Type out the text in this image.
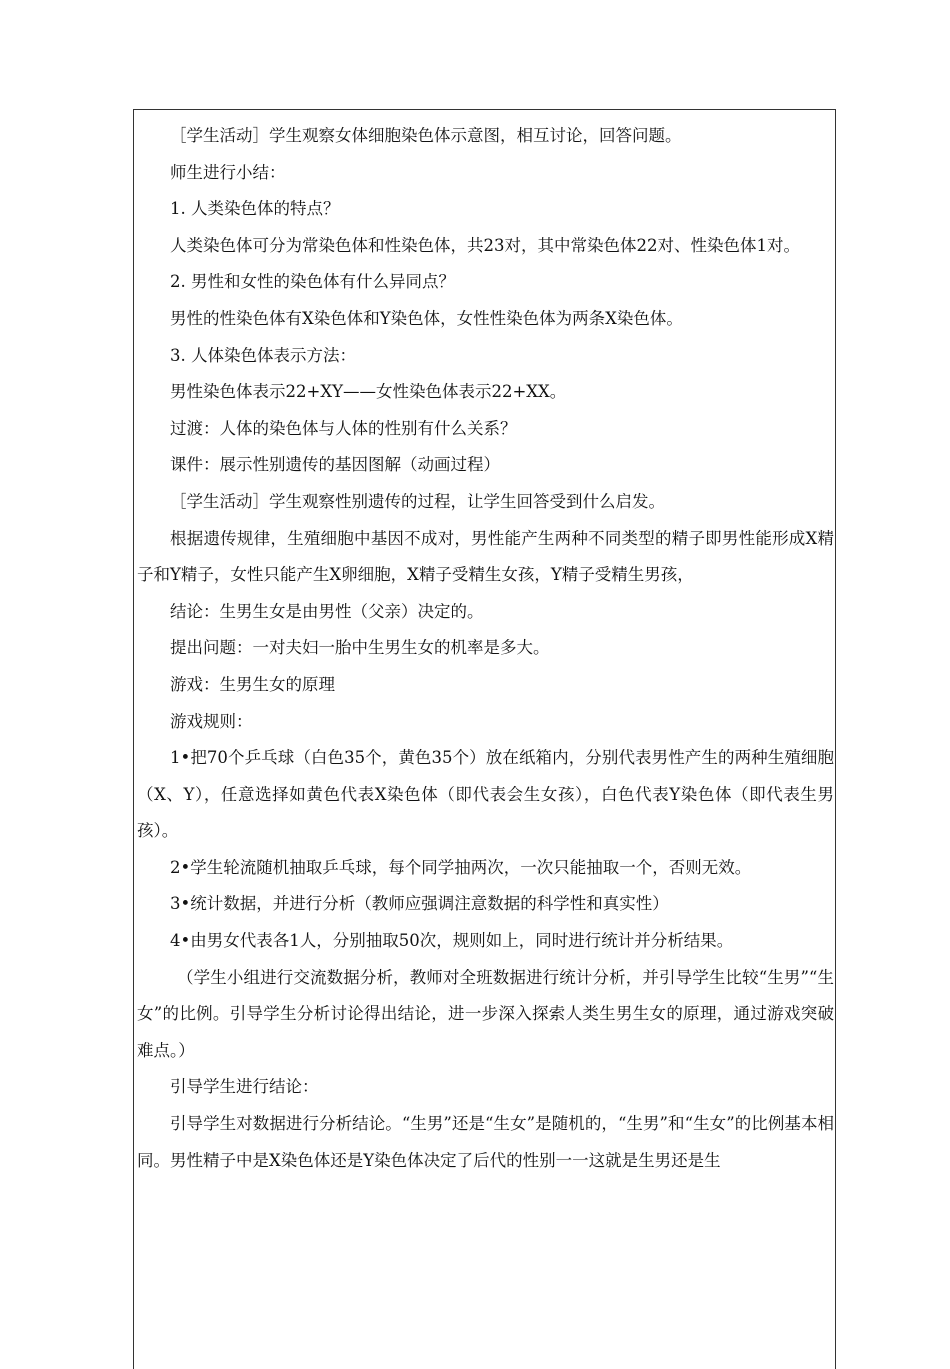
［学生活动］学生观察女体细胞染色体示意图，相互讨论，回答问题。

师生进行小结：

1. 人类染色体的特点？

人类染色体可分为常染色体和性染色体，共23对，其中常染色体22对、性染色体1对。

2. 男性和女性的染色体有什么异同点？

男性的性染色体有X染色体和Y染色体，女性性染色体为两条X染色体。

3. 人体染色体表示方法：

男性染色体表示22+XY——女性染色体表示22+XX。

过渡：人体的染色体与人体的性别有什么关系？

课件：展示性别遗传的基因图解（动画过程）

［学生活动］学生观察性别遗传的过程，让学生回答受到什么启发。

根据遗传规律，生殖细胞中基因不成对，男性能产生两种不同类型的精子即男性能形成X精子和Y精子，女性只能产生X卵细胞，X精子受精生女孩，Y精子受精生男孩，

结论：生男生女是由男性（父亲）决定的。

提出问题：一对夫妇一胎中生男生女的机率是多大。

游戏：生男生女的原理

游戏规则：

1•把70个乒乓球（白色35个，黄色35个）放在纸箱内，分别代表男性产生的两种生殖细胞（X、Y），任意选择如黄色代表X染色体（即代表会生女孩），白色代表Y染色体（即代表生男孩）。

2•学生轮流随机抽取乒乓球，每个同学抽两次，一次只能抽取一个，否则无效。

3•统计数据，并进行分析（教师应强调注意数据的科学性和真实性）

4•由男女代表各1人，分别抽取50次，规则如上，同时进行统计并分析结果。

（学生小组进行交流数据分析，教师对全班数据进行统计分析，并引导学生比较“生男”“生女”的比例。引导学生分析讨论得出结论，进一步深入探索人类生男生女的原理，通过游戏突破难点。）

引导学生进行结论：

引导学生对数据进行分析结论。“生男”还是“生女”是随机的，“生男”和“生女”的比例基本相同。男性精子中是X染色体还是Y染色体决定了后代的性别一一这就是生男还是生
